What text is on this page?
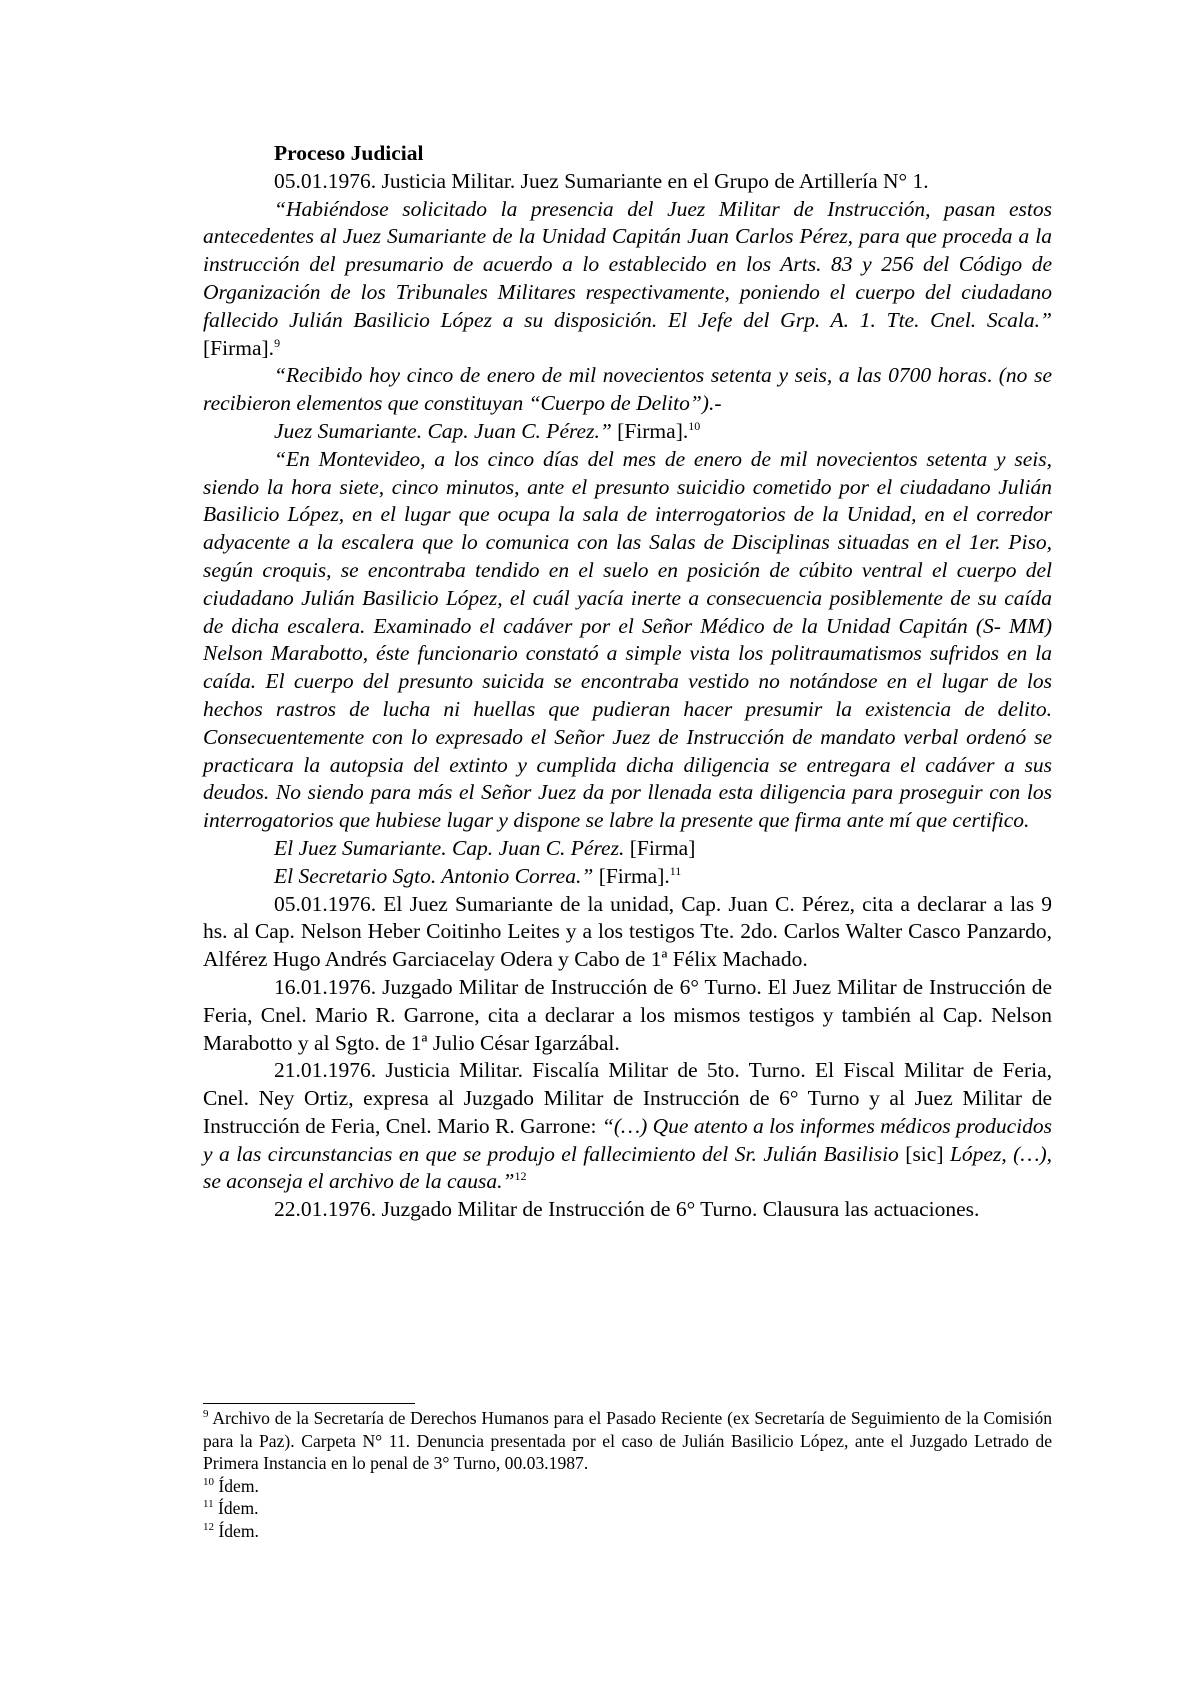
Proceso Judicial

05.01.1976. Justicia Militar. Juez Sumariante en el Grupo de Artillería N° 1.

“Habiéndose solicitado la presencia del Juez Militar de Instrucción, pasan estos antecedentes al Juez Sumariante de la Unidad Capitán Juan Carlos Pérez, para que proceda a la instrucción del presumario de acuerdo a lo establecido en los Arts. 83 y 256 del Código de Organización de los Tribunales Militares respectivamente, poniendo el cuerpo del ciudadano fallecido Julián Basilicio López a su disposición. El Jefe del Grp. A. 1. Tte. Cnel. Scala.” [Firma].$^9$

“Recibido hoy cinco de enero de mil novecientos setenta y seis, a las 0700 horas. (no se recibieron elementos que constituyan “Cuerpo de Delito”).-

Juez Sumariante. Cap. Juan C. Pérez.” [Firma].$^{10}$

“En Montevideo, a los cinco días del mes de enero de mil novecientos setenta y seis, siendo la hora siete, cinco minutos, ante el presunto suicidio cometido por el ciudadano Julián Basilicio López, en el lugar que ocupa la sala de interrogatorios de la Unidad, en el corredor adyacente a la escalera que lo comunica con las Salas de Disciplinas situadas en el 1er. Piso, según croquis, se encontraba tendido en el suelo en posición de cúbito ventral el cuerpo del ciudadano Julián Basilicio López, el cuál yacía inerte a consecuencia posiblemente de su caída de dicha escalera. Examinado el cadáver por el Señor Médico de la Unidad Capitán (S- MM) Nelson Marabotto, éste funcionario constató a simple vista los politraumatismos sufridos en la caída. El cuerpo del presunto suicida se encontraba vestido no notándose en el lugar de los hechos rastros de lucha ni huellas que pudieran hacer presumir la existencia de delito. Consecuentemente con lo expresado el Señor Juez de Instrucción de mandato verbal ordenó se practicara la autopsia del extinto y cumplida dicha diligencia se entregara el cadáver a sus deudos. No siendo para más el Señor Juez da por llenada esta diligencia para proseguir con los interrogatorios que hubiese lugar y dispone se labre la presente que firma ante mí que certifico.

El Juez Sumariante. Cap. Juan C. Pérez. [Firma]

El Secretario Sgto. Antonio Correa.” [Firma].$^{11}$

05.01.1976. El Juez Sumariante de la unidad, Cap. Juan C. Pérez, cita a declarar a las 9 hs. al Cap. Nelson Heber Coitinho Leites y a los testigos Tte. 2do. Carlos Walter Casco Panzardo, Alférez Hugo Andrés Garciacelay Odera y Cabo de 1ª Félix Machado.

16.01.1976. Juzgado Militar de Instrucción de 6° Turno. El Juez Militar de Instrucción de Feria, Cnel. Mario R. Garrone, cita a declarar a los mismos testigos y también al Cap. Nelson Marabotto y al Sgto. de 1ª Julio César Igarzábal.

21.01.1976. Justicia Militar. Fiscalía Militar de 5to. Turno. El Fiscal Militar de Feria, Cnel. Ney Ortiz, expresa al Juzgado Militar de Instrucción de 6° Turno y al Juez Militar de Instrucción de Feria, Cnel. Mario R. Garrone: “(…) Que atento a los informes médicos producidos y a las circunstancias en que se produjo el fallecimiento del Sr. Julián Basilisio [sic] López, (…), se aconseja el archivo de la causa.”$^{12}$

22.01.1976. Juzgado Militar de Instrucción de 6° Turno. Clausura las actuaciones.

$^9$ Archivo de la Secretaría de Derechos Humanos para el Pasado Reciente (ex Secretaría de Seguimiento de la Comisión para la Paz). Carpeta N° 11. Denuncia presentada por el caso de Julián Basilicio López, ante el Juzgado Letrado de Primera Instancia en lo penal de 3° Turno, 00.03.1987.

$^{10}$ Ídem.

$^{11}$ Ídem.

$^{12}$ Ídem.
